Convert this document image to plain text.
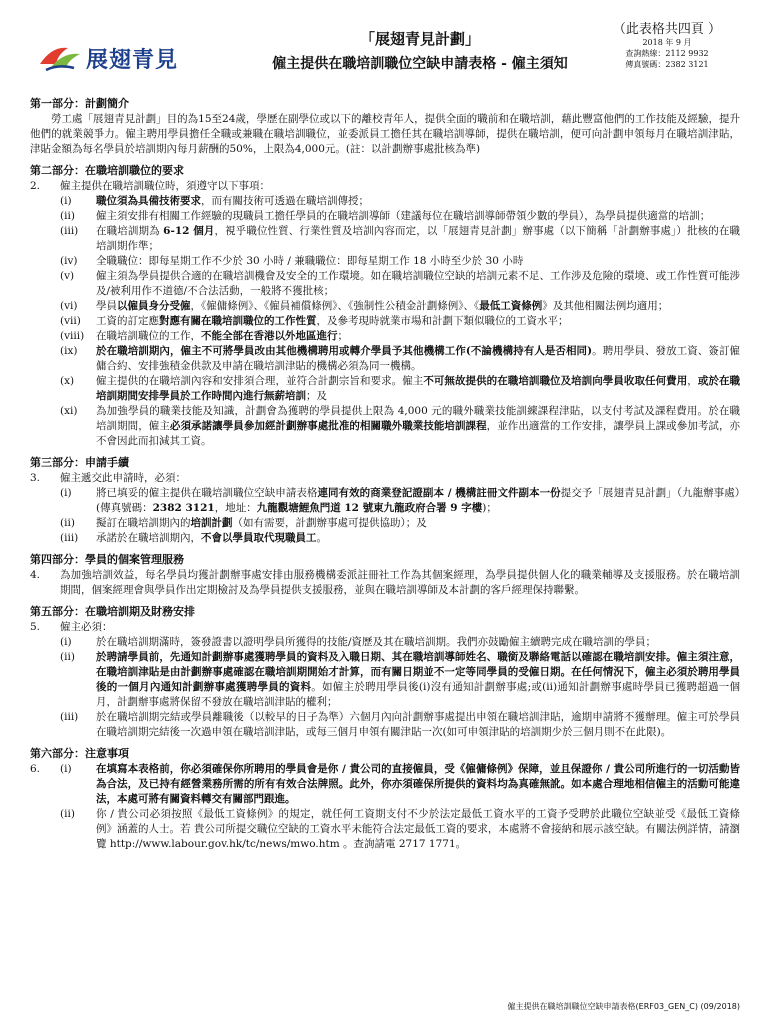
展翅青見
「展翅青見計劃」
僱主提供在職培訓職位空缺申請表格 - 僱主須知
（此表格共四頁 ）
2018 年 9 月
查詢熱線：2112 9932
傳真號碼：2382 3121
第一部分：計劃簡介

勞工處「展翅青見計劃」目的為15至24歲，學歷在副學位或以下的離校青年人，提供全面的職前和在職培訓，藉此豐富他們的工作技能及經驗，提升他們的就業競爭力。僱主聘用學員擔任全職或兼職在職培訓職位，並委派員工擔任其在職培訓導師，提供在職培訓，便可向計劃申領每月在職培訓津貼，津貼金額為每名學員於培訓期內每月薪酬的50%，上限為4,000元。(註：以計劃辦事處批核為準)

第二部分：在職培訓職位的要求
2.	僱主提供在職培訓職位時，須遵守以下事項：
(i)	職位須為具備技術要求，而有關技術可透過在職培訓傳授；
(ii)	僱主須安排有相關工作經驗的現職員工擔任學員的在職培訓導師（建議每位在職培訓導師帶領少數的學員），為學員提供適當的培訓；
(iii)	在職培訓期為 6-12 個月，視乎職位性質、行業性質及培訓內容而定，以「展翅青見計劃」辦事處（以下簡稱「計劃辦事處」）批核的在職培訓期作準；
(iv)	全職職位：即每星期工作不少於 30 小時 / 兼職職位：即每星期工作 18 小時至少於 30 小時
(v)	僱主須為學員提供合適的在職培訓機會及安全的工作環境。如在職培訓職位空缺的培訓元素不足、工作涉及危險的環境、或工作性質可能涉及/被利用作不道德/不合法活動，一般將不獲批核；
(vi)	學員以僱員身分受僱，《僱傭條例》、《僱員補償條例》、《強制性公積金計劃條例》、《最低工資條例》及其他相關法例均適用；
(vii)	工資的訂定應對應有關在職培訓職位的工作性質，及參考現時就業市場和計劃下類似職位的工資水平；
(viii)	在職培訓職位的工作，不能全部在香港以外地區進行；
(ix)	於在職培訓期內，僱主不可將學員改由其他機構聘用或轉介學員予其他機構工作(不論機構持有人是否相同)。聘用學員、發放工資、簽訂僱傭合約、安排強積金供款及申請在職培訓津貼的機構必須為同一機構。
(x)	僱主提供的在職培訓內容和安排須合理，並符合計劃宗旨和要求。僱主不可無故提供的在職培訓職位及培訓向學員收取任何費用，或於在職培訓期間安排學員於工作時間內進行無薪培訓；及
(xi)	為加強學員的職業技能及知識，計劃會為獲聘的學員提供上限為 4,000 元的職外職業技能訓練課程津貼，以支付考試及課程費用。於在職培訓期間，僱主必須承諾讓學員參加經計劃辦事處批准的相關職外職業技能培訓課程，並作出適當的工作安排，讓學員上課或參加考試，亦不會因此而扣減其工資。
第三部分：申請手續
3.	僱主遞交此申請時，必須：
(i)	將已填妥的僱主提供在職培訓職位空缺申請表格連同有效的商業登記證副本 / 機構註冊文件副本一份提交予「展翅青見計劃」（九龍辦事處）(傳真號碼：2382 3121，地址：九龍觀塘鯉魚門道 12 號東九龍政府合署 9 字樓)；
(ii)	擬訂在職培訓期內的培訓計劃（如有需要，計劃辦事處可提供協助）；及
(iii)	承諾於在職培訓期內，不會以學員取代現職員工。
第四部分：學員的個案管理服務
4.	為加強培訓效益，每名學員均獲計劃辦事處安排由服務機構委派註冊社工作為其個案經理，為學員提供個人化的職業輔導及支援服務。於在職培訓期間，個案經理會與學員作出定期檢討及為學員提供支援服務，並與在職培訓導師及本計劃的客戶經理保持聯繫。

第五部分：在職培訓期及財務安排
5.	僱主必須：
(i)	於在職培訓期滿時，簽發證書以證明學員所獲得的技能/資歷及其在職培訓期。我們亦鼓勵僱主續聘完成在職培訓的學員；
(ii)	於聘請學員前，先通知計劃辦事處獲聘學員的資料及入職日期、其在職培訓導師姓名、職銜及聯絡電話以確認在職培訓安排。僱主須注意，在職培訓津貼是由計劃辦事處確認在職培訓期開始才計算，而有關日期並不一定等同學員的受僱日期。在任何情況下，僱主必須於聘用學員後的一個月內通知計劃辦事處獲聘學員的資料。如僱主於聘用學員後(i)沒有通知計劃辦事處;或(ii)通知計劃辦事處時學員已獲聘超過一個月，計劃辦事處將保留不發放在職培訓津貼的權利；
(iii)	於在職培訓期完結或學員離職後（以較早的日子為準）六個月內向計劃辦事處提出申領在職培訓津貼，逾期申請將不獲辦理。僱主可於學員在職培訓期完結後一次過申領在職培訓津貼，或每三個月申領有關津貼一次(如可申領津貼的培訓期少於三個月則不在此限)。
第六部分：注意事項
6.	(i)	在填寫本表格前，你必須確保你所聘用的學員會是你 / 貴公司的直接僱員，受《僱傭條例》保障，並且保證你 / 貴公司所進行的一切活動皆為合法，及已持有經營業務所需的所有有效合法牌照。此外，你亦須確保所提供的資料均為真確無訛。如本處合理地相信僱主的活動可能違法，本處可將有關資料轉交有關部門跟進。
(ii)	你 / 貴公司必須按照《最低工資條例》的規定，就任何工資期支付不少於法定最低工資水平的工資予受聘於此職位空缺並受《最低工資條例》涵蓋的人士。若 貴公司所提交職位空缺的工資水平未能符合法定最低工資的要求，本處將不會接納和展示該空缺。有關法例詳情，請瀏覽 http://www.labour.gov.hk/tc/news/mwo.htm 。查詢請電 2717 1771。
僱主提供在職培訓職位空缺申請表格(ERF03_GEN_C) (09/2018)
